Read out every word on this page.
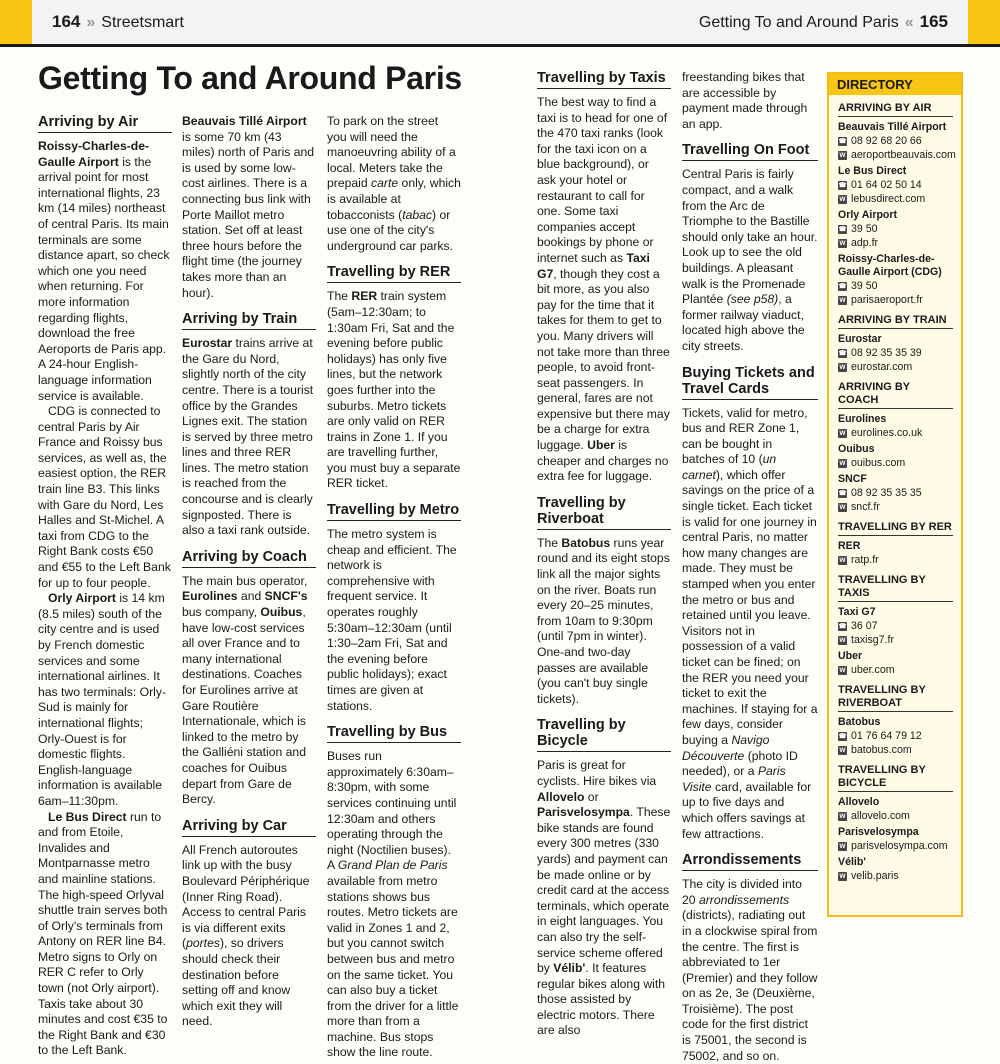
164 » Streetsmart	Getting To and Around Paris « 165
Getting To and Around Paris
Arriving by Air

Roissy-Charles-de-Gaulle Airport is the arrival point for most international flights, 23 km (14 miles) northeast of central Paris. Its main terminals are some distance apart, so check which one you need when returning. For more information regarding flights, download the free Aeroports de Paris app. A 24-hour English-language information service is available.

CDG is connected to central Paris by Air France and Roissy bus services, as well as, the easiest option, the RER train line B3. This links with Gare du Nord, Les Halles and St-Michel. A taxi from CDG to the Right Bank costs €50 and €55 to the Left Bank for up to four people.

Orly Airport is 14 km (8.5 miles) south of the city centre and is used by French domestic services and some international airlines. It has two terminals: Orly-Sud is mainly for international flights; Orly-Ouest is for domestic flights. English-language information is available 6am–11:30pm.

Le Bus Direct run to and from Etoile, Invalides and Montparnasse metro and mainline stations. The high-speed Orlyval shuttle train serves both of Orly's terminals from Antony on RER line B4. Metro signs to Orly on RER C refer to Orly town (not Orly airport). Taxis take about 30 minutes and cost €35 to the Right Bank and €30 to the Left Bank.

Beauvais Tillé Airport is some 70 km (43 miles) north of Paris and is used by some low-cost airlines. There is a connecting bus link with Porte Maillot metro station. Set off at least three hours before the flight time (the journey takes more than an hour).

Arriving by Train

Eurostar trains arrive at the Gare du Nord, slightly north of the city centre. There is a tourist office by the Grandes Lignes exit. The station is served by three metro lines and three RER lines. The metro station is reached from the concourse and is clearly signposted. There is also a taxi rank outside.

Arriving by Coach

The main bus operator, Eurolines and SNCF's bus company, Ouibus, have low-cost services all over France and to many international destinations. Coaches for Eurolines arrive at Gare Routière Internationale, which is linked to the metro by the Galliéni station and coaches for Ouibus depart from Gare de Bercy.

Arriving by Car

All French autoroutes link up with the busy Boulevard Périphérique (Inner Ring Road). Access to central Paris is via different exits (portes), so drivers should check their destination before setting off and know which exit they will need.

To park on the street you will need the manoeuvring ability of a local. Meters take the prepaid carte only, which is available at tobacconists (tabac) or use one of the city's underground car parks.

Travelling by RER

The RER train system (5am–12:30am; to 1:30am Fri, Sat and the evening before public holidays) has only five lines, but the network goes further into the suburbs. Metro tickets are only valid on RER trains in Zone 1. If you are travelling further, you must buy a separate RER ticket.

Travelling by Metro

The metro system is cheap and efficient. The network is comprehensive with frequent service. It operates roughly 5:30am–12:30am (until 1:30–2am Fri, Sat and the evening before public holidays); exact times are given at stations.

Travelling by Bus

Buses run approximately 6:30am–8:30pm, with some services continuing until 12:30am and others operating through the night (Noctilien buses). A Grand Plan de Paris available from metro stations shows bus routes. Metro tickets are valid in Zones 1 and 2, but you cannot switch between bus and metro on the same ticket. You can also buy a ticket from the driver for a little more than from a machine. Bus stops show the line route.

Travelling by Taxis

The best way to find a taxi is to head for one of the 470 taxi ranks (look for the taxi icon on a blue background), or ask your hotel or restaurant to call for one. Some taxi companies accept bookings by phone or internet such as Taxi G7, though they cost a bit more, as you also pay for the time that it takes for them to get to you. Many drivers will not take more than three people, to avoid front-seat passengers. In general, fares are not expensive but there may be a charge for extra luggage. Uber is cheaper and charges no extra fee for luggage.

Travelling by Riverboat

The Batobus runs year round and its eight stops link all the major sights on the river. Boats run every 20–25 minutes, from 10am to 9:30pm (until 7pm in winter). One-and two-day passes are available (you can't buy single tickets).

Travelling by Bicycle

Paris is great for cyclists. Hire bikes via Allovelo or Parisvelosympa. These bike stands are found every 300 metres (330 yards) and payment can be made online or by credit card at the access terminals, which operate in eight languages. You can also try the self-service scheme offered by Vélib'. It features regular bikes along with those assisted by electric motors. There are also

freestanding bikes that are accessible by payment made through an app.

Travelling On Foot

Central Paris is fairly compact, and a walk from the Arc de Triomphe to the Bastille should only take an hour. Look up to see the old buildings. A pleasant walk is the Promenade Plantée (see p58), a former railway viaduct, located high above the city streets.

Buying Tickets and Travel Cards

Tickets, valid for metro, bus and RER Zone 1, can be bought in batches of 10 (un carnet), which offer savings on the price of a single ticket. Each ticket is valid for one journey in central Paris, no matter how many changes are made. They must be stamped when you enter the metro or bus and retained until you leave. Visitors not in possession of a valid ticket can be fined; on the RER you need your ticket to exit the machines. If staying for a few days, consider buying a Navigo Découverte (photo ID needed), or a Paris Visite card, available for up to five days and which offers savings at few attractions.

Arrondissements

The city is divided into 20 arrondissements (districts), radiating out in a clockwise spiral from the centre. The first is abbreviated to 1er (Premier) and they follow on as 2e, 3e (Deuxième, Troisième). The post code for the first district is 75001, the second is 75002, and so on.

DIRECTORY
ARRIVING BY AIR
Beauvais Tillé Airport
☎ 08 92 68 20 66
W aeroportbeauvais.com
Le Bus Direct
☎ 01 64 02 50 14
W lebusdirect.com
Orly Airport
☎ 39 50
W adp.fr
Roissy-Charles-de-Gaulle Airport (CDG)
☎ 39 50
W parisaeroport.fr
ARRIVING BY TRAIN
Eurostar
☎ 08 92 35 35 39
W eurostar.com
ARRIVING BY COACH
Eurolines
W eurolines.co.uk
Ouibus
W ouibus.com
SNCF
☎ 08 92 35 35 35
W sncf.fr
TRAVELLING BY RER
RER
W ratp.fr
TRAVELLING BY TAXIS
Taxi G7
☎ 36 07
W taxisg7.fr
Uber
W uber.com
TRAVELLING BY RIVERBOAT
Batobus
☎ 01 76 64 79 12
W batobus.com
TRAVELLING BY BICYCLE
Allovelo
W allovelo.com
Parisvelosympa
W parisvelosympa.com
Vélib'
W velib.paris
